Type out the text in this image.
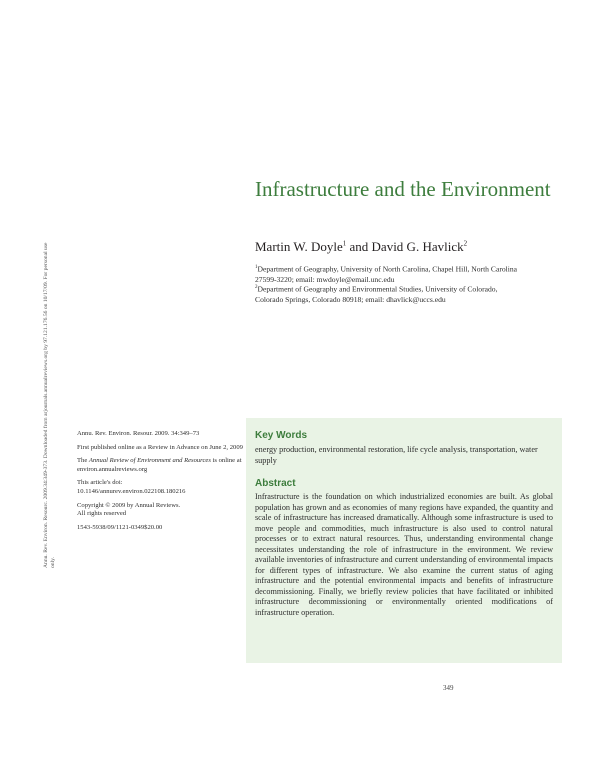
Infrastructure and the Environment
Martin W. Doyle$^1$ and David G. Havlick$^2$
$^1$Department of Geography, University of North Carolina, Chapel Hill, North Carolina 27599-3220; email: mwdoyle@email.unc.edu
$^2$Department of Geography and Environmental Studies, University of Colorado, Colorado Springs, Colorado 80918; email: dhavlick@uccs.edu
Annu. Rev. Environ. Resourc. 2009.34:349-373. Downloaded from arjournals.annualreviews.org by 97.121.176.56 on 10/17/09. For personal use only.

Annu. Rev. Environ. Resour. 2009. 34:349–73

First published online as a Review in Advance on June 2, 2009

The Annual Review of Environment and Resources is online at environ.annualreviews.org

This article's doi:
10.1146/annurev.environ.022108.180216

Copyright © 2009 by Annual Reviews.
All rights reserved

1543-5938/09/1121-0349$20.00

Key Words
energy production, environmental restoration, life cycle analysis, transportation, water supply
Abstract
Infrastructure is the foundation on which industrialized economies are built. As global population has grown and as economies of many regions have expanded, the quantity and scale of infrastructure has increased dramatically. Although some infrastructure is used to move people and commodities, much infrastructure is also used to control natural processes or to extract natural resources. Thus, understanding environmental change necessitates understanding the role of infrastructure in the environment. We review available inventories of infrastructure and current understanding of environmental impacts for different types of infrastructure. We also examine the current status of aging infrastructure and the potential environmental impacts and benefits of infrastructure decommissioning. Finally, we briefly review policies that have facilitated or inhibited infrastructure decommissioning or environmentally oriented modifications of infrastructure operation.
349
